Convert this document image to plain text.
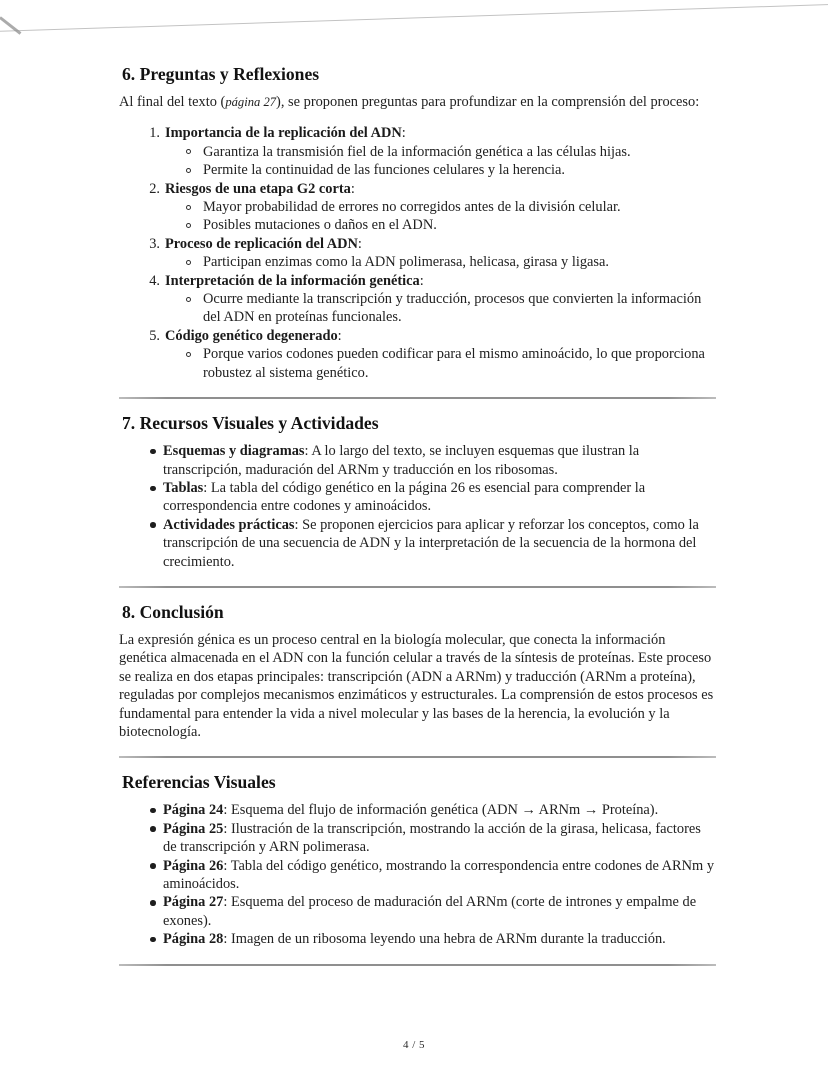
6. Preguntas y Reflexiones

Al final del texto (página 27), se proponen preguntas para profundizar en la comprensión del proceso:

1. Importancia de la replicación del ADN:
Garantiza la transmisión fiel de la información genética a las células hijas.
Permite la continuidad de las funciones celulares y la herencia.
2. Riesgos de una etapa G2 corta:
Mayor probabilidad de errores no corregidos antes de la división celular.
Posibles mutaciones o daños en el ADN.
3. Proceso de replicación del ADN:
Participan enzimas como la ADN polimerasa, helicasa, girasa y ligasa.
4. Interpretación de la información genética:
Ocurre mediante la transcripción y traducción, procesos que convierten la información del ADN en proteínas funcionales.
5. Código genético degenerado:
Porque varios codones pueden codificar para el mismo aminoácido, lo que proporciona robustez al sistema genético.
7. Recursos Visuales y Actividades
Esquemas y diagramas: A lo largo del texto, se incluyen esquemas que ilustran la transcripción, maduración del ARNm y traducción en los ribosomas.
Tablas: La tabla del código genético en la página 26 es esencial para comprender la correspondencia entre codones y aminoácidos.
Actividades prácticas: Se proponen ejercicios para aplicar y reforzar los conceptos, como la transcripción de una secuencia de ADN y la interpretación de la secuencia de la hormona del crecimiento.
8. Conclusión

La expresión génica es un proceso central en la biología molecular, que conecta la información genética almacenada en el ADN con la función celular a través de la síntesis de proteínas. Este proceso se realiza en dos etapas principales: transcripción (ADN a ARNm) y traducción (ARNm a proteína), reguladas por complejos mecanismos enzimáticos y estructurales. La comprensión de estos procesos es fundamental para entender la vida a nivel molecular y las bases de la herencia, la evolución y la biotecnología.

Referencias Visuales
Página 24: Esquema del flujo de información genética (ADN → ARNm → Proteína).
Página 25: Ilustración de la transcripción, mostrando la acción de la girasa, helicasa, factores de transcripción y ARN polimerasa.
Página 26: Tabla del código genético, mostrando la correspondencia entre codones de ARNm y aminoácidos.
Página 27: Esquema del proceso de maduración del ARNm (corte de intrones y empalme de exones).
Página 28: Imagen de un ribosoma leyendo una hebra de ARNm durante la traducción.
4 / 5
